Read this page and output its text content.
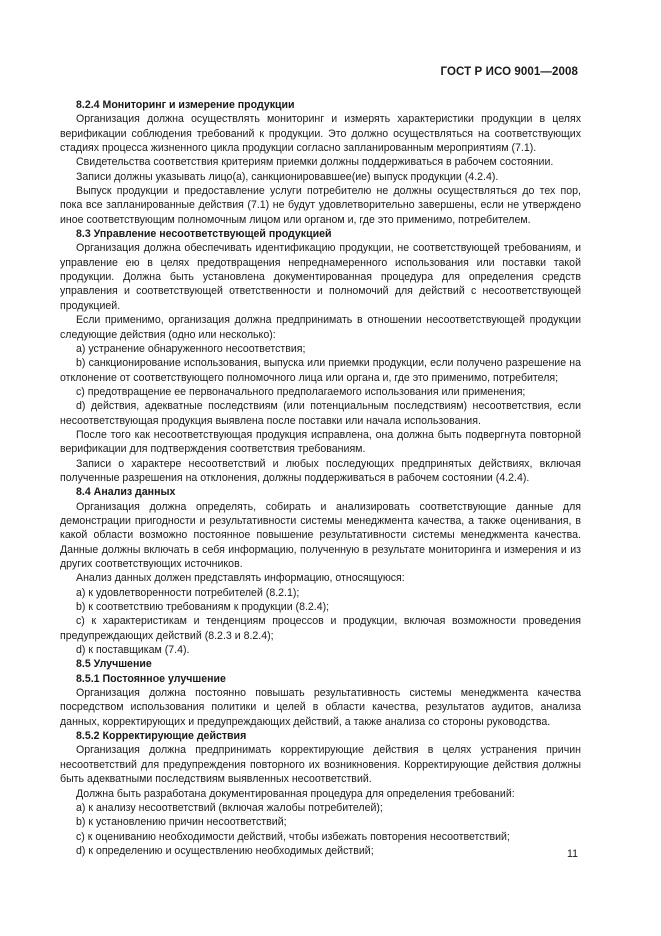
ГОСТ Р ИСО 9001—2008

8.2.4 Мониторинг и измерение продукции

Организация должна осуществлять мониторинг и измерять характеристики продукции в целях верификации соблюдения требований к продукции. Это должно осуществляться на соответствующих стадиях процесса жизненного цикла продукции согласно запланированным мероприятиям (7.1).

Свидетельства соответствия критериям приемки должны поддерживаться в рабочем состоянии.

Записи должны указывать лицо(а), санкционировавшее(ие) выпуск продукции (4.2.4).

Выпуск продукции и предоставление услуги потребителю не должны осуществляться до тех пор, пока все запланированные действия (7.1) не будут удовлетворительно завершены, если не утверждено иное соответствующим полномочным лицом или органом и, где это применимо, потребителем.

8.3 Управление несоответствующей продукцией

Организация должна обеспечивать идентификацию продукции, не соответствующей требованиям, и управление ею в целях предотвращения непреднамеренного использования или поставки такой продукции. Должна быть установлена документированная процедура для определения средств управления и соответствующей ответственности и полномочий для действий с несоответствующей продукцией.

Если применимо, организация должна предпринимать в отношении несоответствующей продукции следующие действия (одно или несколько):

a) устранение обнаруженного несоответствия;

b) санкционирование использования, выпуска или приемки продукции, если получено разрешение на отклонение от соответствующего полномочного лица или органа и, где это применимо, потребителя;

c) предотвращение ее первоначального предполагаемого использования или применения;

d) действия, адекватные последствиям (или потенциальным последствиям) несоответствия, если несоответствующая продукция выявлена после поставки или начала использования.

После того как несоответствующая продукция исправлена, она должна быть подвергнута повторной верификации для подтверждения соответствия требованиям.

Записи о характере несоответствий и любых последующих предпринятых действиях, включая полученные разрешения на отклонения, должны поддерживаться в рабочем состоянии (4.2.4).

8.4 Анализ данных

Организация должна определять, собирать и анализировать соответствующие данные для демонстрации пригодности и результативности системы менеджмента качества, а также оценивания, в какой области возможно постоянное повышение результативности системы менеджмента качества. Данные должны включать в себя информацию, полученную в результате мониторинга и измерения и из других соответствующих источников.

Анализ данных должен представлять информацию, относящуюся:

a) к удовлетворенности потребителей (8.2.1);

b) к соответствию требованиям к продукции (8.2.4);

c) к характеристикам и тенденциям процессов и продукции, включая возможности проведения предупреждающих действий (8.2.3 и 8.2.4);

d) к поставщикам (7.4).

8.5 Улучшение

8.5.1 Постоянное улучшение

Организация должна постоянно повышать результативность системы менеджмента качества посредством использования политики и целей в области качества, результатов аудитов, анализа данных, корректирующих и предупреждающих действий, а также анализа со стороны руководства.

8.5.2 Корректирующие действия

Организация должна предпринимать корректирующие действия в целях устранения причин несоответствий для предупреждения повторного их возникновения. Корректирующие действия должны быть адекватными последствиям выявленных несоответствий.

Должна быть разработана документированная процедура для определения требований:

a) к анализу несоответствий (включая жалобы потребителей);

b) к установлению причин несоответствий;

c) к оцениванию необходимости действий, чтобы избежать повторения несоответствий;

d) к определению и осуществлению необходимых действий;	11
